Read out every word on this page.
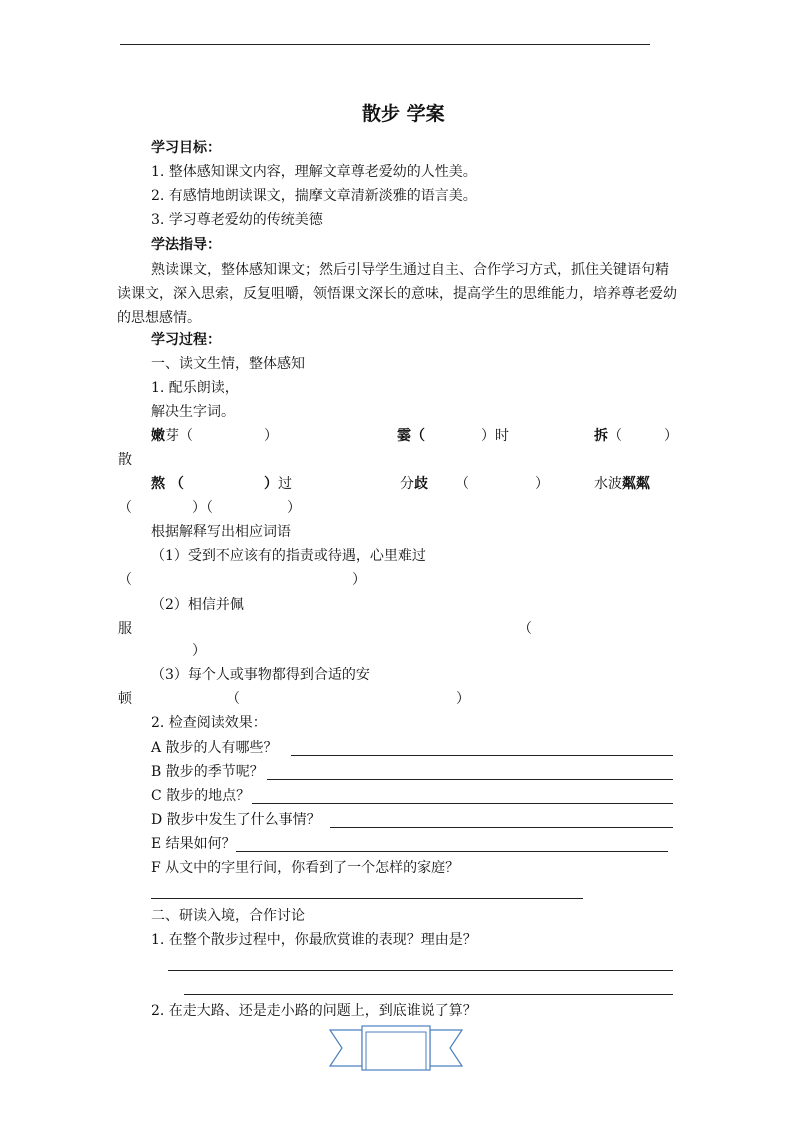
散步 学案
学习目标：
1. 整体感知课文内容，理解文章尊老爱幼的人性美。
2. 有感情地朗读课文，揣摩文章清新淡雅的语言美。
3. 学习尊老爱幼的传统美德
学法指导：
熟读课文，整体感知课文；然后引导学生通过自主、合作学习方式，抓住关键语句精读课文，深入思索，反复咀嚼，领悟课文深长的意味，提高学生的思维能力，培养尊老爱幼的思想感情。
学习过程：
一、读文生情，整体感知
1. 配乐朗读，
解决生字词。
嫩芽（	）	霎（	）时	拆（	）
散
熬 （	）过	分歧 （	）	水波粼粼
（	）（	）
根据解释写出相应词语
（1）受到不应该有的指责或待遇，心里难过
（	）
（2）相信并佩
服	（
）
（3）每个人或事物都得到合适的安
顿	（	）
2. 检查阅读效果：
A 散步的人有哪些？
B 散步的季节呢？
C 散步的地点？
D 散步中发生了什么事情？
E 结果如何？
F 从文中的字里行间，你看到了一个怎样的家庭？
二、研读入境，合作讨论
1. 在整个散步过程中，你最欣赏谁的表现？理由是？
2. 在走大路、还是走小路的问题上，到底谁说了算？
